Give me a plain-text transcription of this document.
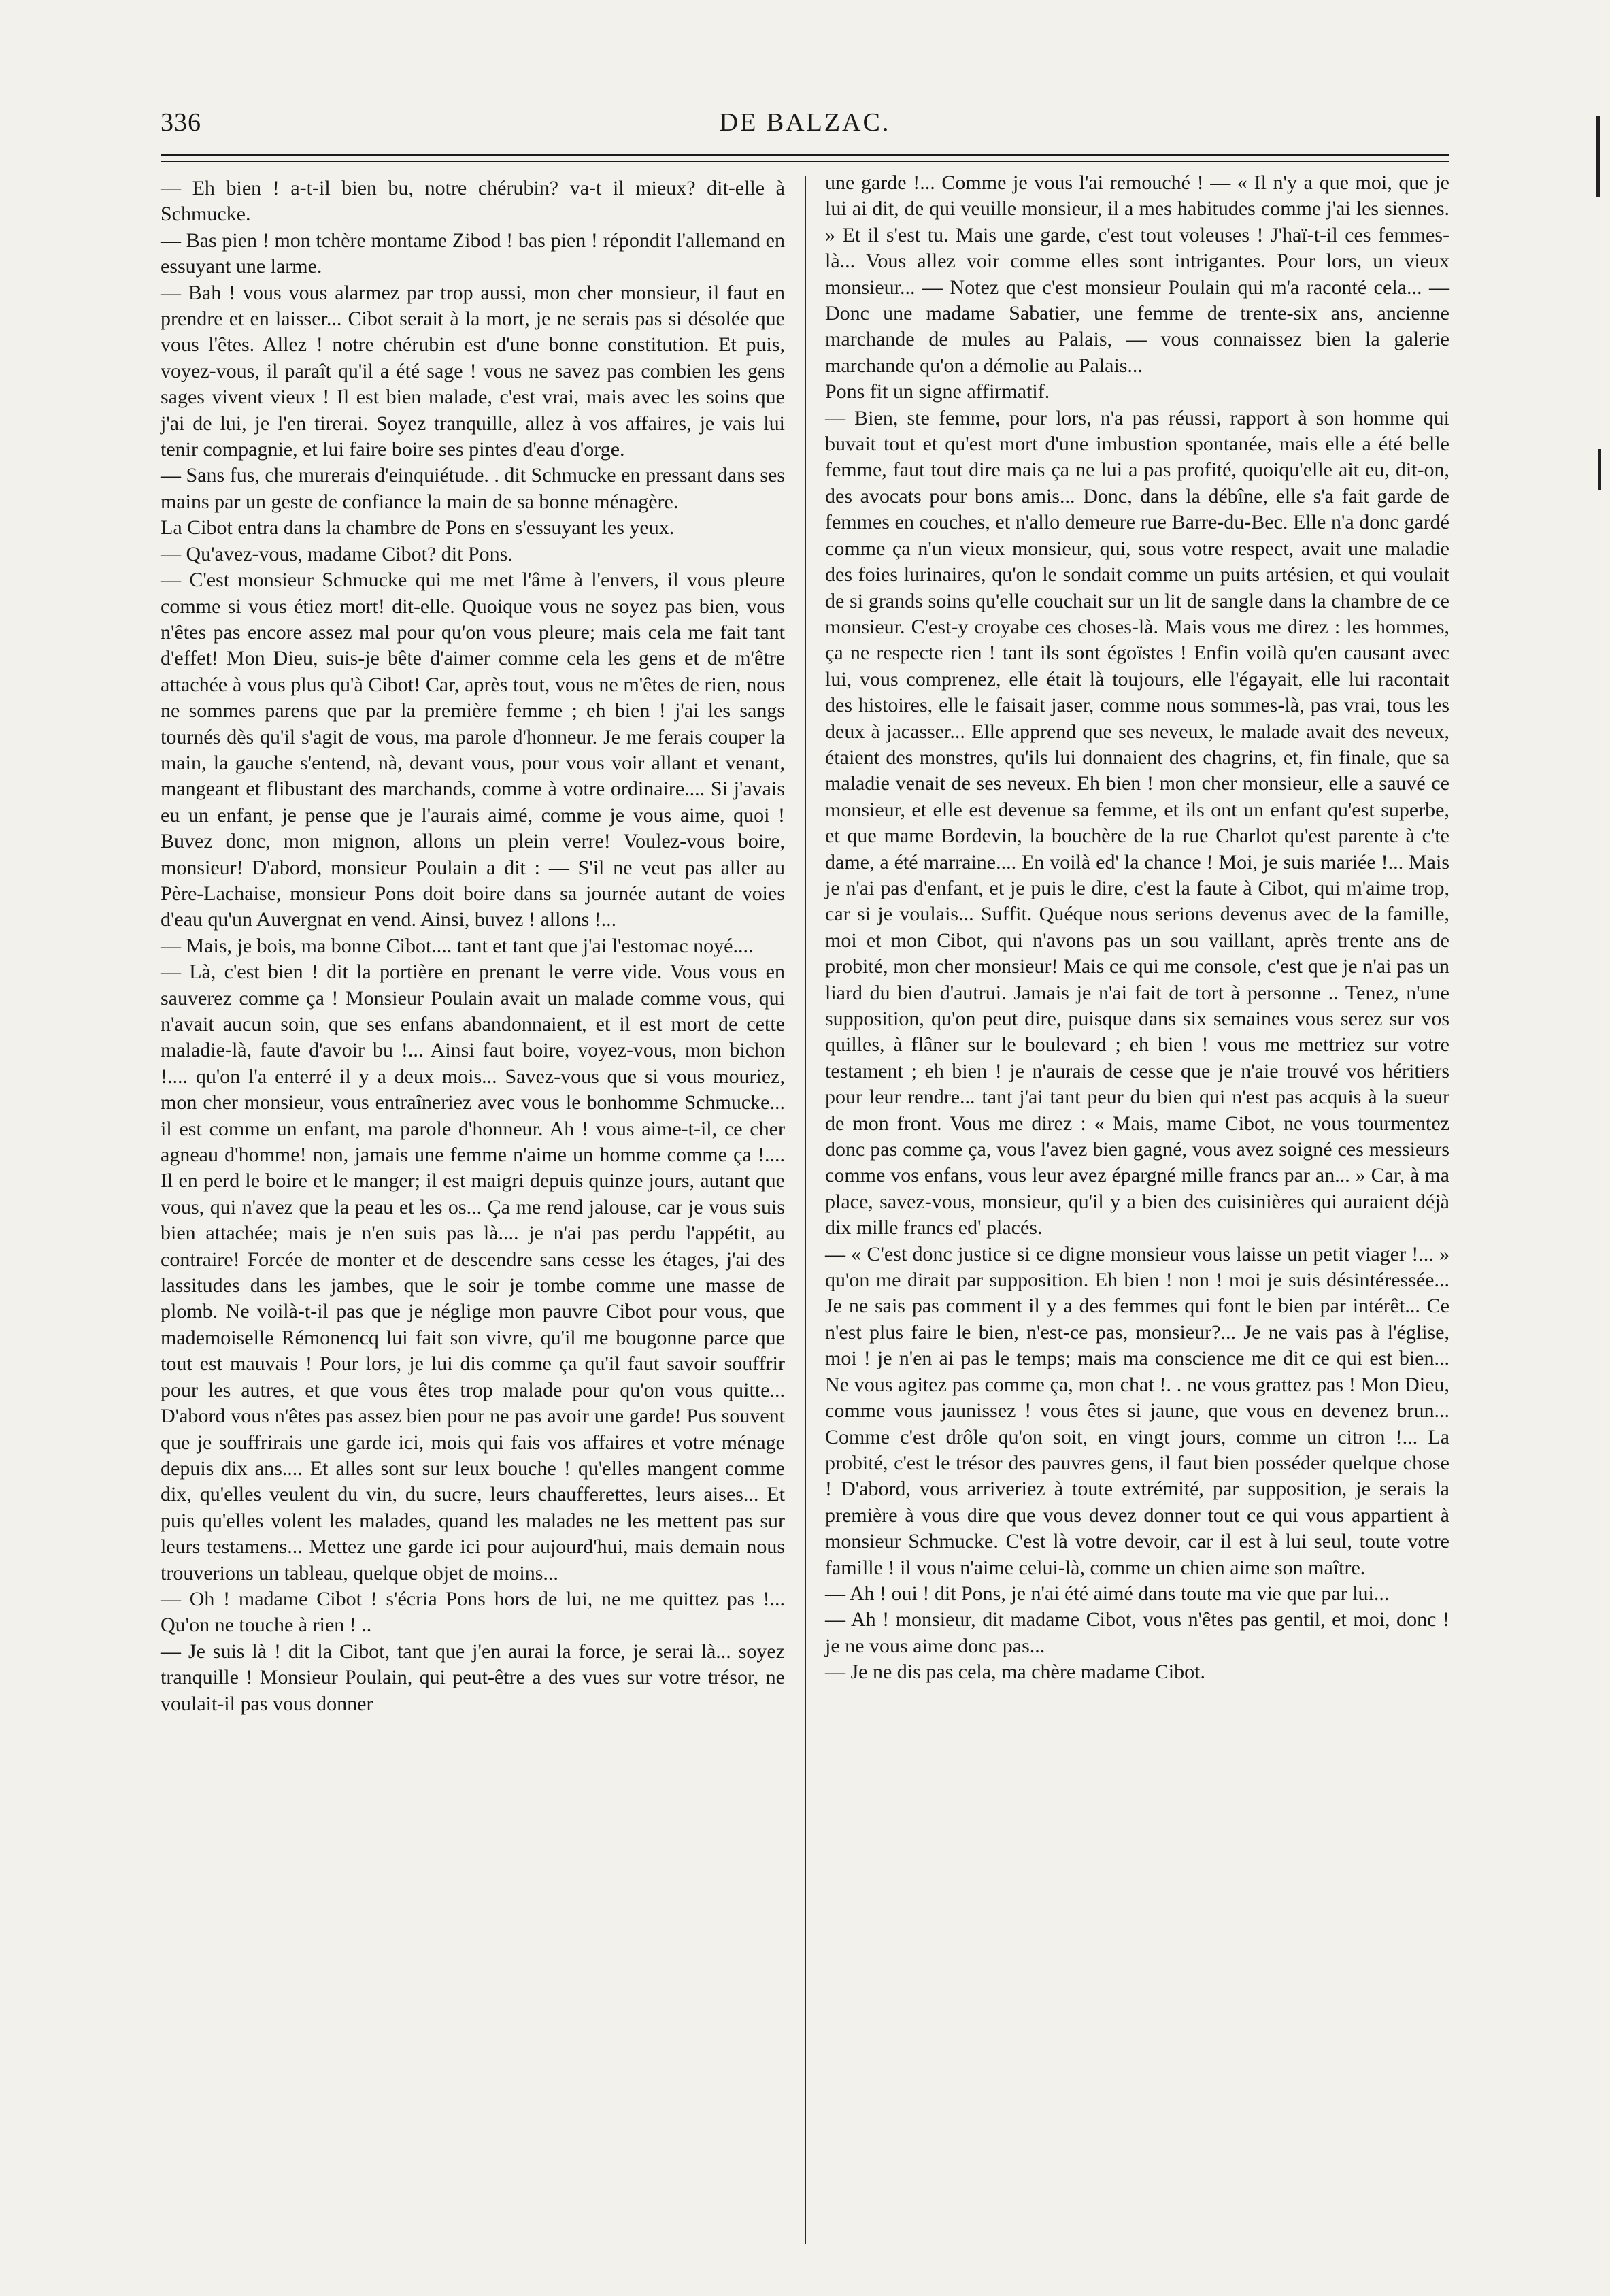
336	DE BALZAC.

— Eh bien ! a-t-il bien bu, notre chérubin? va-t il mieux? dit-elle à Schmucke.

— Bas pien ! mon tchère montame Zibod ! bas pien ! répondit l'allemand en essuyant une larme.

— Bah ! vous vous alarmez par trop aussi, mon cher monsieur, il faut en prendre et en laisser... Cibot serait à la mort, je ne serais pas si désolée que vous l'êtes. Allez ! notre chérubin est d'une bonne constitution. Et puis, voyez-vous, il paraît qu'il a été sage ! vous ne savez pas combien les gens sages vivent vieux ! Il est bien malade, c'est vrai, mais avec les soins que j'ai de lui, je l'en tirerai. Soyez tranquille, allez à vos affaires, je vais lui tenir compagnie, et lui faire boire ses pintes d'eau d'orge.

— Sans fus, che murerais d'einquiétude. . dit Schmucke en pressant dans ses mains par un geste de confiance la main de sa bonne ménagère.

La Cibot entra dans la chambre de Pons en s'essuyant les yeux.

— Qu'avez-vous, madame Cibot? dit Pons.

— C'est monsieur Schmucke qui me met l'âme à l'envers, il vous pleure comme si vous étiez mort! dit-elle. Quoique vous ne soyez pas bien, vous n'êtes pas encore assez mal pour qu'on vous pleure; mais cela me fait tant d'effet! Mon Dieu, suis-je bête d'aimer comme cela les gens et de m'être attachée à vous plus qu'à Cibot! Car, après tout, vous ne m'êtes de rien, nous ne sommes parens que par la première femme ; eh bien ! j'ai les sangs tournés dès qu'il s'agit de vous, ma parole d'honneur. Je me ferais couper la main, la gauche s'entend, nà, devant vous, pour vous voir allant et venant, mangeant et flibustant des marchands, comme à votre ordinaire.... Si j'avais eu un enfant, je pense que je l'aurais aimé, comme je vous aime, quoi ! Buvez donc, mon mignon, allons un plein verre! Voulez-vous boire, monsieur! D'abord, monsieur Poulain a dit : — S'il ne veut pas aller au Père-Lachaise, monsieur Pons doit boire dans sa journée autant de voies d'eau qu'un Auvergnat en vend. Ainsi, buvez ! allons !...

— Mais, je bois, ma bonne Cibot.... tant et tant que j'ai l'estomac noyé....

— Là, c'est bien ! dit la portière en prenant le verre vide. Vous vous en sauverez comme ça ! Monsieur Poulain avait un malade comme vous, qui n'avait aucun soin, que ses enfans abandonnaient, et il est mort de cette maladie-là, faute d'avoir bu !... Ainsi faut boire, voyez-vous, mon bichon !.... qu'on l'a enterré il y a deux mois... Savez-vous que si vous mouriez, mon cher monsieur, vous entraîneriez avec vous le bonhomme Schmucke... il est comme un enfant, ma parole d'honneur. Ah ! vous aime-t-il, ce cher agneau d'homme! non, jamais une femme n'aime un homme comme ça !.... Il en perd le boire et le manger; il est maigri depuis quinze jours, autant que vous, qui n'avez que la peau et les os... Ça me rend jalouse, car je vous suis bien attachée; mais je n'en suis pas là.... je n'ai pas perdu l'appétit, au contraire! Forcée de monter et de descendre sans cesse les étages, j'ai des lassitudes dans les jambes, que le soir je tombe comme une masse de plomb. Ne voilà-t-il pas que je néglige mon pauvre Cibot pour vous, que mademoiselle Rémonencq lui fait son vivre, qu'il me bougonne parce que tout est mauvais ! Pour lors, je lui dis comme ça qu'il faut savoir souffrir pour les autres, et que vous êtes trop malade pour qu'on vous quitte... D'abord vous n'êtes pas assez bien pour ne pas avoir une garde! Pus souvent que je souffrirais une garde ici, mois qui fais vos affaires et votre ménage depuis dix ans.... Et alles sont sur leux bouche ! qu'elles mangent comme dix, qu'elles veulent du vin, du sucre, leurs chaufferettes, leurs aises... Et puis qu'elles volent les malades, quand les malades ne les mettent pas sur leurs testamens... Mettez une garde ici pour aujourd'hui, mais demain nous trouverions un tableau, quelque objet de moins...

— Oh ! madame Cibot ! s'écria Pons hors de lui, ne me quittez pas !... Qu'on ne touche à rien ! ..

— Je suis là ! dit la Cibot, tant que j'en aurai la force, je serai là... soyez tranquille ! Monsieur Poulain, qui peut-être a des vues sur votre trésor, ne voulait-il pas vous donner

une garde !... Comme je vous l'ai remouché ! — « Il n'y a que moi, que je lui ai dit, de qui veuille monsieur, il a mes habitudes comme j'ai les siennes. » Et il s'est tu. Mais une garde, c'est tout voleuses ! J'haï-t-il ces femmes-là... Vous allez voir comme elles sont intrigantes. Pour lors, un vieux monsieur... — Notez que c'est monsieur Poulain qui m'a raconté cela... — Donc une madame Sabatier, une femme de trente-six ans, ancienne marchande de mules au Palais, — vous connaissez bien la galerie marchande qu'on a démolie au Palais...

Pons fit un signe affirmatif.

— Bien, ste femme, pour lors, n'a pas réussi, rapport à son homme qui buvait tout et qu'est mort d'une imbustion spontanée, mais elle a été belle femme, faut tout dire mais ça ne lui a pas profité, quoiqu'elle ait eu, dit-on, des avocats pour bons amis... Donc, dans la débîne, elle s'a fait garde de femmes en couches, et n'allo demeure rue Barre-du-Bec. Elle n'a donc gardé comme ça n'un vieux monsieur, qui, sous votre respect, avait une maladie des foies lurinaires, qu'on le sondait comme un puits artésien, et qui voulait de si grands soins qu'elle couchait sur un lit de sangle dans la chambre de ce monsieur. C'est-y croyabe ces choses-là. Mais vous me direz : les hommes, ça ne respecte rien ! tant ils sont égoïstes ! Enfin voilà qu'en causant avec lui, vous comprenez, elle était là toujours, elle l'égayait, elle lui racontait des histoires, elle le faisait jaser, comme nous sommes-là, pas vrai, tous les deux à jacasser... Elle apprend que ses neveux, le malade avait des neveux, étaient des monstres, qu'ils lui donnaient des chagrins, et, fin finale, que sa maladie venait de ses neveux. Eh bien ! mon cher monsieur, elle a sauvé ce monsieur, et elle est devenue sa femme, et ils ont un enfant qu'est superbe, et que mame Bordevin, la bouchère de la rue Charlot qu'est parente à c'te dame, a été marraine.... En voilà ed' la chance ! Moi, je suis mariée !... Mais je n'ai pas d'enfant, et je puis le dire, c'est la faute à Cibot, qui m'aime trop, car si je voulais... Suffit. Quéque nous serions devenus avec de la famille, moi et mon Cibot, qui n'avons pas un sou vaillant, après trente ans de probité, mon cher monsieur! Mais ce qui me console, c'est que je n'ai pas un liard du bien d'autrui. Jamais je n'ai fait de tort à personne .. Tenez, n'une supposition, qu'on peut dire, puisque dans six semaines vous serez sur vos quilles, à flâner sur le boulevard ; eh bien ! vous me mettriez sur votre testament ; eh bien ! je n'aurais de cesse que je n'aie trouvé vos héritiers pour leur rendre... tant j'ai tant peur du bien qui n'est pas acquis à la sueur de mon front. Vous me direz : « Mais, mame Cibot, ne vous tourmentez donc pas comme ça, vous l'avez bien gagné, vous avez soigné ces messieurs comme vos enfans, vous leur avez épargné mille francs par an... » Car, à ma place, savez-vous, monsieur, qu'il y a bien des cuisinières qui auraient déjà dix mille francs ed' placés.

— « C'est donc justice si ce digne monsieur vous laisse un petit viager !... » qu'on me dirait par supposition. Eh bien ! non ! moi je suis désintéressée... Je ne sais pas comment il y a des femmes qui font le bien par intérêt... Ce n'est plus faire le bien, n'est-ce pas, monsieur?... Je ne vais pas à l'église, moi ! je n'en ai pas le temps; mais ma conscience me dit ce qui est bien... Ne vous agitez pas comme ça, mon chat !. . ne vous grattez pas ! Mon Dieu, comme vous jaunissez ! vous êtes si jaune, que vous en devenez brun... Comme c'est drôle qu'on soit, en vingt jours, comme un citron !... La probité, c'est le trésor des pauvres gens, il faut bien posséder quelque chose ! D'abord, vous arriveriez à toute extrémité, par supposition, je serais la première à vous dire que vous devez donner tout ce qui vous appartient à monsieur Schmucke. C'est là votre devoir, car il est à lui seul, toute votre famille ! il vous n'aime celui-là, comme un chien aime son maître.

— Ah ! oui ! dit Pons, je n'ai été aimé dans toute ma vie que par lui...

— Ah ! monsieur, dit madame Cibot, vous n'êtes pas gentil, et moi, donc ! je ne vous aime donc pas...

— Je ne dis pas cela, ma chère madame Cibot.
